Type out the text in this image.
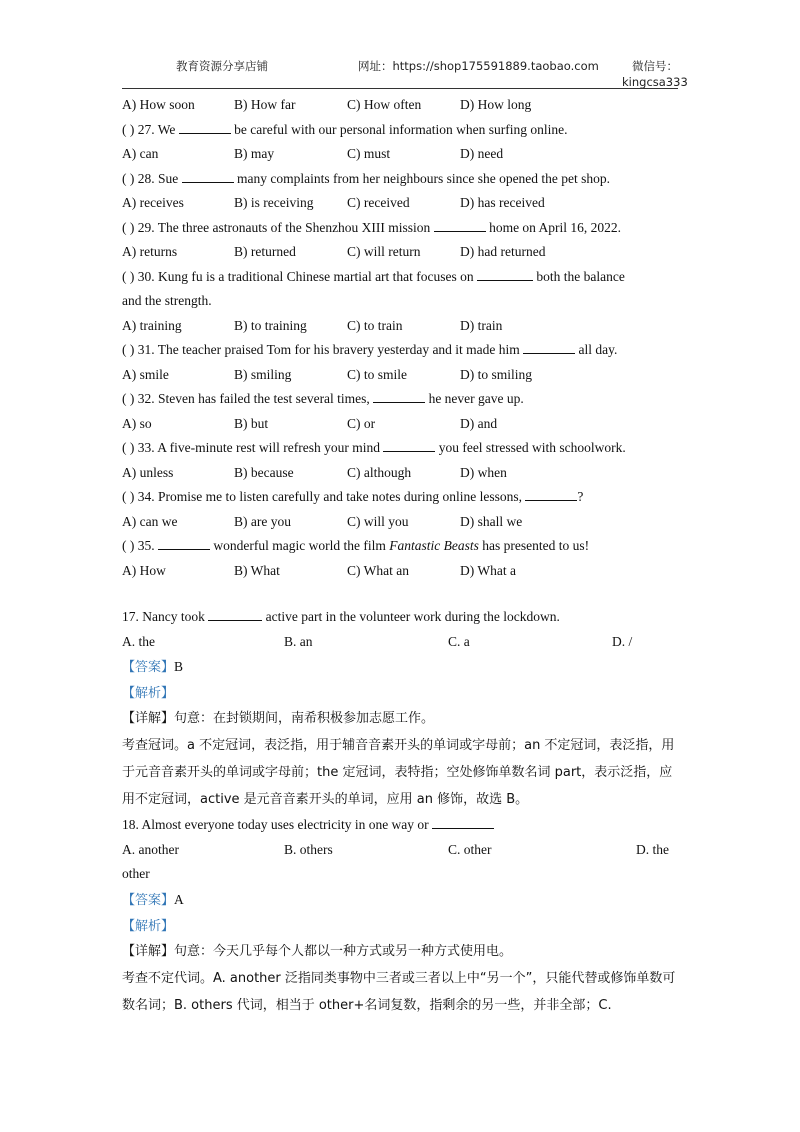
教育资源分享店铺	网址：https://shop175591889.taobao.com	微信号：
kingcsa333
A) How soon	B) How far	C) How often	D) How long
( ) 27. We	be careful with our personal information when surfing online.
A) can	B) may	C) must	D) need
( ) 28. Sue	many complaints from her neighbours since she opened the pet shop.
A) receives	B) is receiving C) received	D) has received
( ) 29. The three astronauts of the Shenzhou XIII mission	home on April 16, 2022.
A) returns	B) returned	C) will return	D) had returned
( ) 30. Kung fu is a traditional Chinese martial art that focuses on	both the balance
and the strength.
A) training	B) to training	C) to train	D) train
( ) 31. The teacher praised Tom for his bravery yesterday and it made him	all day.
A) smile	B) smiling	C) to smile	D) to smiling
( ) 32. Steven has failed the test several times,	he never gave up.
A) so	B) but	C) or	D) and
( ) 33. A five-minute rest will refresh your mind	you feel stressed with schoolwork.
A) unless	B) because	C) although	D) when
( ) 34. Promise me to listen carefully and take notes during online lessons,	?
A) can we	B) are you	C) will you	D) shall we
( ) 35.	wonderful magic world the film Fantastic Beasts has presented to us!
A) How	B) What	C) What an	D) What a
17. Nancy took	active part in the volunteer work during the lockdown.
A. the	B. an	C. a	D. /
【答案】B
【解析】
【详解】句意：在封锁期间，南希积极参加志愿工作。
考查冠词。a 不定冠词，表泛指，用于辅音音素开头的单词或字母前；an 不定冠词，表泛指，用于元音音素开头的单词或字母前；the 定冠词，表特指；空处修饰单数名词 part，表示泛指，应用不定冠词，active 是元音音素开头的单词，应用 an 修饰，故选 B。
18. Almost everyone today uses electricity in one way or
A. another	B. others	C. other	D. the
other
【答案】A
【解析】
【详解】句意：今天几乎每个人都以一种方式或另一种方式使用电。
考查不定代词。A. another 泛指同类事物中三者或三者以上中“另一个”，只能代替或修饰单数可数名词；B. others 代词，相当于 other+名词复数，指剩余的另一些，并非全部；C.
